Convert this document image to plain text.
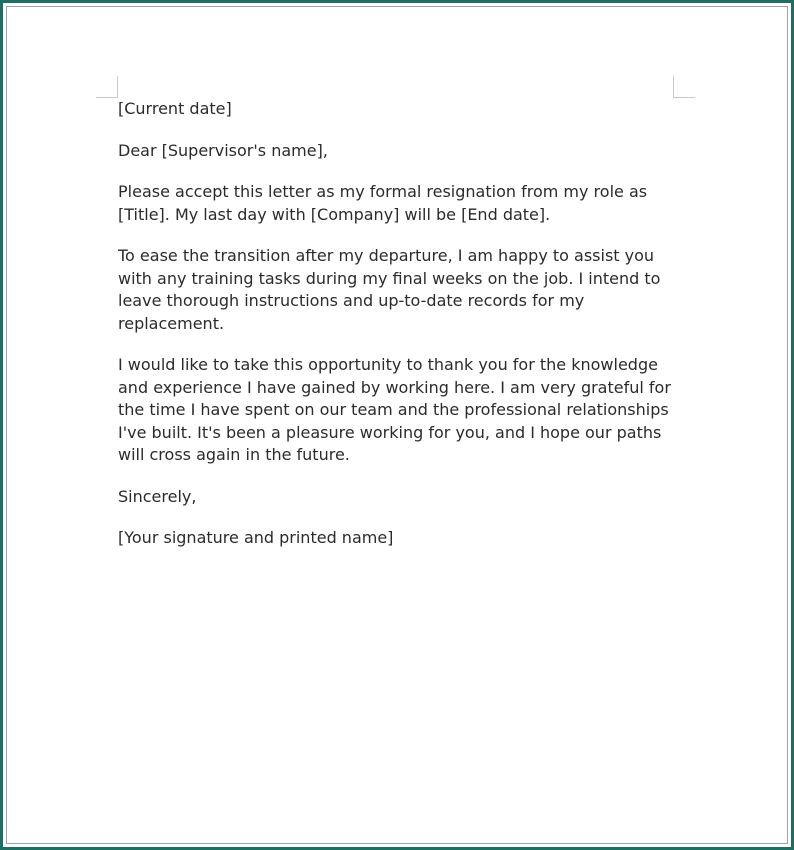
[Current date]

Dear [Supervisor's name],

Please accept this letter as my formal resignation from my role as [Title]. My last day with [Company] will be [End date].

To ease the transition after my departure, I am happy to assist you with any training tasks during my final weeks on the job. I intend to leave thorough instructions and up-to-date records for my replacement.

I would like to take this opportunity to thank you for the knowledge and experience I have gained by working here. I am very grateful for the time I have spent on our team and the professional relationships I've built. It's been a pleasure working for you, and I hope our paths will cross again in the future.

Sincerely,

[Your signature and printed name]
